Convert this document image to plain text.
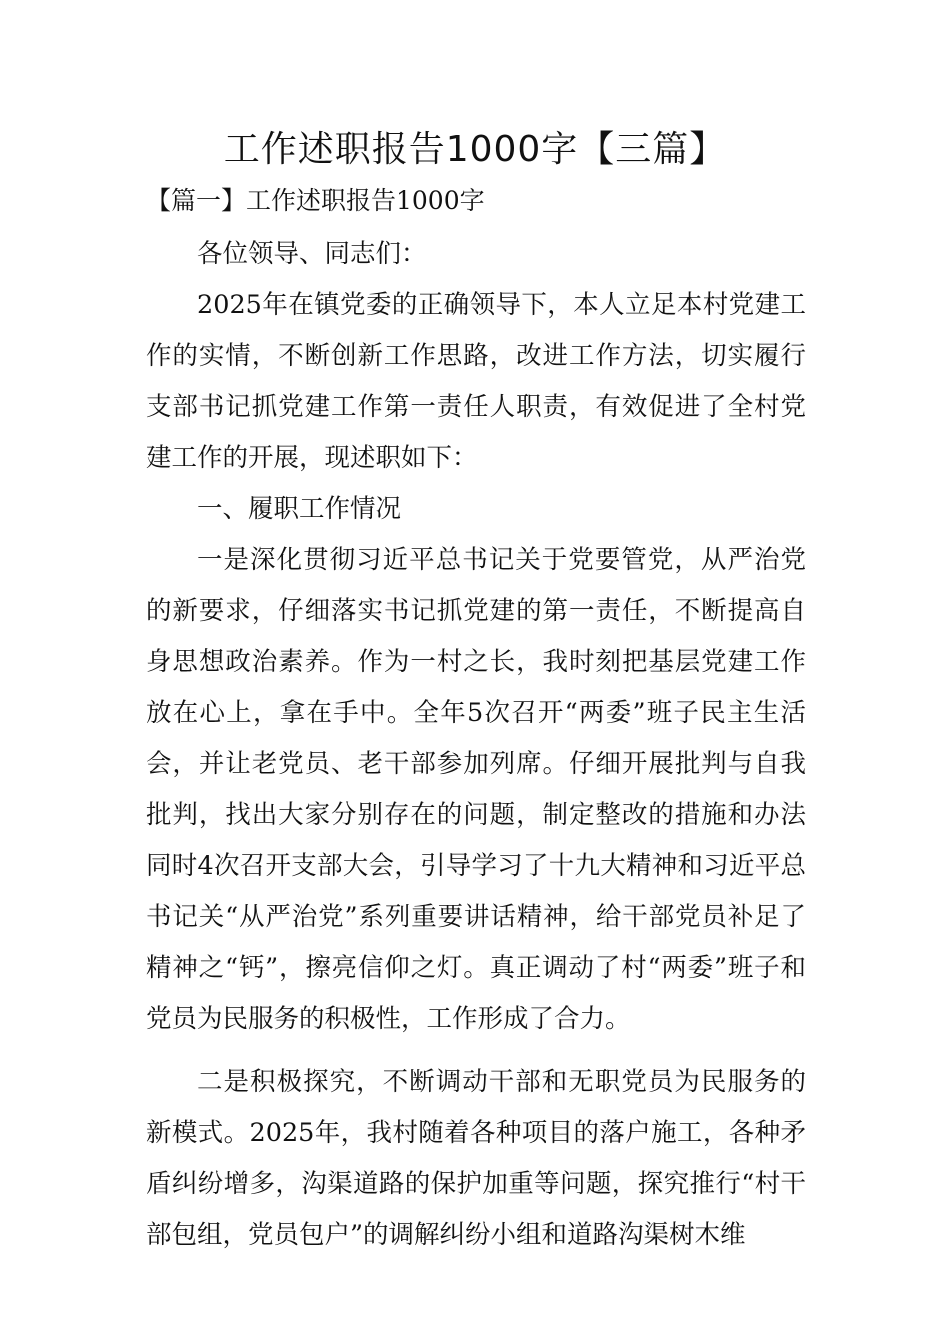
工作述职报告1000字【三篇】
【篇一】工作述职报告1000字

各位领导、同志们：

2025年在镇党委的正确领导下，本人立足本村党建工作的实情，不断创新工作思路，改进工作方法，切实履行支部书记抓党建工作第一责任人职责，有效促进了全村党建工作的开展，现述职如下：

一、履职工作情况

一是深化贯彻习近平总书记关于党要管党，从严治党的新要求，仔细落实书记抓党建的第一责任，不断提高自身思想政治素养。作为一村之长，我时刻把基层党建工作放在心上，拿在手中。全年5次召开“两委”班子民主生活会，并让老党员、老干部参加列席。仔细开展批判与自我批判，找出大家分别存在的问题，制定整改的措施和办法同时4次召开支部大会，引导学习了十九大精神和习近平总书记关“从严治党”系列重要讲话精神，给干部党员补足了精神之“钙”，擦亮信仰之灯。真正调动了村“两委”班子和党员为民服务的积极性，工作形成了合力。

二是积极探究，不断调动干部和无职党员为民服务的新模式。2025年，我村随着各种项目的落户施工，各种矛盾纠纷增多，沟渠道路的保护加重等问题，探究推行“村干部包组，党员包户”的调解纠纷小组和道路沟渠树木维
